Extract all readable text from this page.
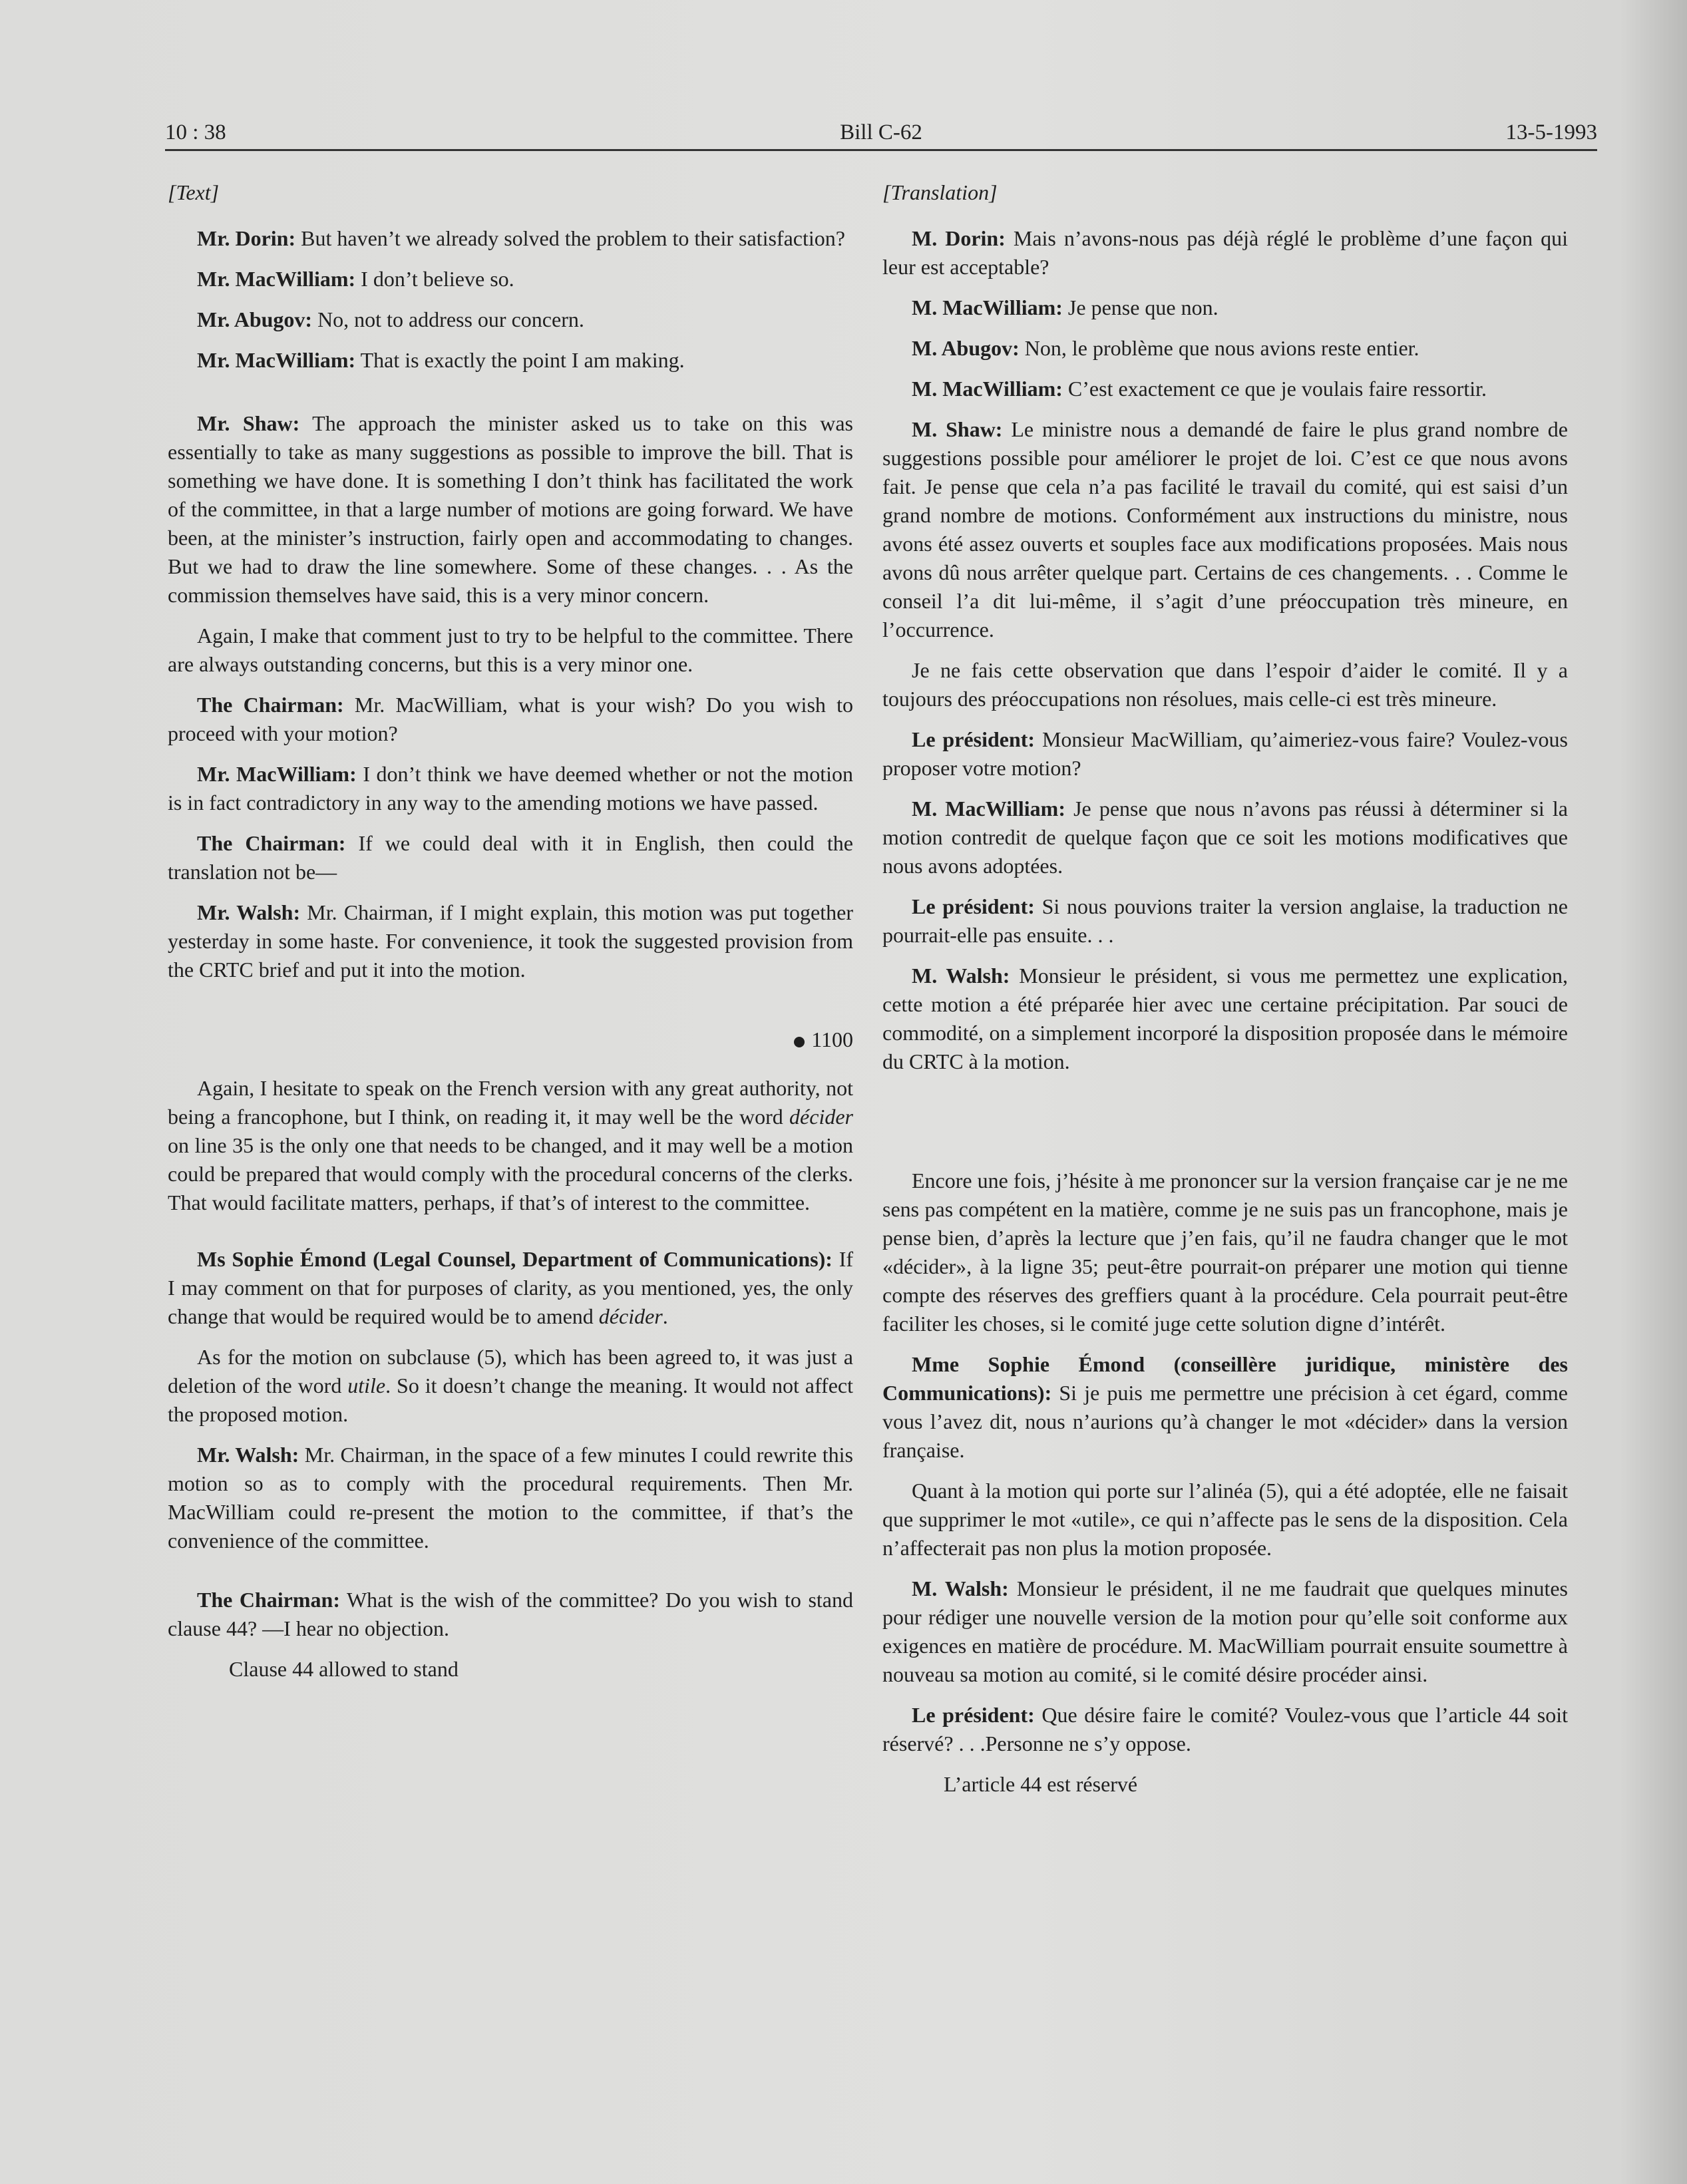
10 : 38	Bill C-62	13-5-1993

[Text]

Mr. Dorin: But haven’t we already solved the problem to their satisfaction?

Mr. MacWilliam: I don’t believe so.

Mr. Abugov: No, not to address our concern.

Mr. MacWilliam: That is exactly the point I am making.

Mr. Shaw: The approach the minister asked us to take on this was essentially to take as many suggestions as possible to improve the bill. That is something we have done. It is something I don’t think has facilitated the work of the committee, in that a large number of motions are going forward. We have been, at the minister’s instruction, fairly open and accommodating to changes. But we had to draw the line somewhere. Some of these changes. . . As the commission themselves have said, this is a very minor concern.

Again, I make that comment just to try to be helpful to the committee. There are always outstanding concerns, but this is a very minor one.

The Chairman: Mr. MacWilliam, what is your wish? Do you wish to proceed with your motion?

Mr. MacWilliam: I don’t think we have deemed whether or not the motion is in fact contradictory in any way to the amending motions we have passed.

The Chairman: If we could deal with it in English, then could the translation not be—

Mr. Walsh: Mr. Chairman, if I might explain, this motion was put together yesterday in some haste. For convenience, it took the suggested provision from the CRTC brief and put it into the motion.

1100

Again, I hesitate to speak on the French version with any great authority, not being a francophone, but I think, on reading it, it may well be the word décider on line 35 is the only one that needs to be changed, and it may well be a motion could be prepared that would comply with the procedural concerns of the clerks. That would facilitate matters, perhaps, if that’s of interest to the committee.

Ms Sophie Émond (Legal Counsel, Department of Communications): If I may comment on that for purposes of clarity, as you mentioned, yes, the only change that would be required would be to amend décider.

As for the motion on subclause (5), which has been agreed to, it was just a deletion of the word utile. So it doesn’t change the meaning. It would not affect the proposed motion.

Mr. Walsh: Mr. Chairman, in the space of a few minutes I could rewrite this motion so as to comply with the procedural requirements. Then Mr. MacWilliam could re-present the motion to the committee, if that’s the convenience of the committee.

The Chairman: What is the wish of the committee? Do you wish to stand clause 44? —I hear no objection.

Clause 44 allowed to stand

[Translation]

M. Dorin: Mais n’avons-nous pas déjà réglé le problème d’une façon qui leur est acceptable?

M. MacWilliam: Je pense que non.

M. Abugov: Non, le problème que nous avions reste entier.

M. MacWilliam: C’est exactement ce que je voulais faire ressortir.

M. Shaw: Le ministre nous a demandé de faire le plus grand nombre de suggestions possible pour améliorer le projet de loi. C’est ce que nous avons fait. Je pense que cela n’a pas facilité le travail du comité, qui est saisi d’un grand nombre de motions. Conformément aux instructions du ministre, nous avons été assez ouverts et souples face aux modifications proposées. Mais nous avons dû nous arrêter quelque part. Certains de ces changements. . . Comme le conseil l’a dit lui-même, il s’agit d’une préoccupation très mineure, en l’occurrence.

Je ne fais cette observation que dans l’espoir d’aider le comité. Il y a toujours des préoccupations non résolues, mais celle-ci est très mineure.

Le président: Monsieur MacWilliam, qu’aimeriez-vous faire? Voulez-vous proposer votre motion?

M. MacWilliam: Je pense que nous n’avons pas réussi à déterminer si la motion contredit de quelque façon que ce soit les motions modificatives que nous avons adoptées.

Le président: Si nous pouvions traiter la version anglaise, la traduction ne pourrait-elle pas ensuite. . .

M. Walsh: Monsieur le président, si vous me permettez une explication, cette motion a été préparée hier avec une certaine précipitation. Par souci de commodité, on a simplement incorporé la disposition proposée dans le mémoire du CRTC à la motion.

Encore une fois, j’hésite à me prononcer sur la version française car je ne me sens pas compétent en la matière, comme je ne suis pas un francophone, mais je pense bien, d’après la lecture que j’en fais, qu’il ne faudra changer que le mot «décider», à la ligne 35; peut-être pourrait-on préparer une motion qui tienne compte des réserves des greffiers quant à la procédure. Cela pourrait peut-être faciliter les choses, si le comité juge cette solution digne d’intérêt.

Mme Sophie Émond (conseillère juridique, ministère des Communications): Si je puis me permettre une précision à cet égard, comme vous l’avez dit, nous n’aurions qu’à changer le mot «décider» dans la version française.

Quant à la motion qui porte sur l’alinéa (5), qui a été adoptée, elle ne faisait que supprimer le mot «utile», ce qui n’affecte pas le sens de la disposition. Cela n’affecterait pas non plus la motion proposée.

M. Walsh: Monsieur le président, il ne me faudrait que quelques minutes pour rédiger une nouvelle version de la motion pour qu’elle soit conforme aux exigences en matière de procédure. M. MacWilliam pourrait ensuite soumettre à nouveau sa motion au comité, si le comité désire procéder ainsi.

Le président: Que désire faire le comité? Voulez-vous que l’article 44 soit réservé? . . .Personne ne s’y oppose.

L’article 44 est réservé
